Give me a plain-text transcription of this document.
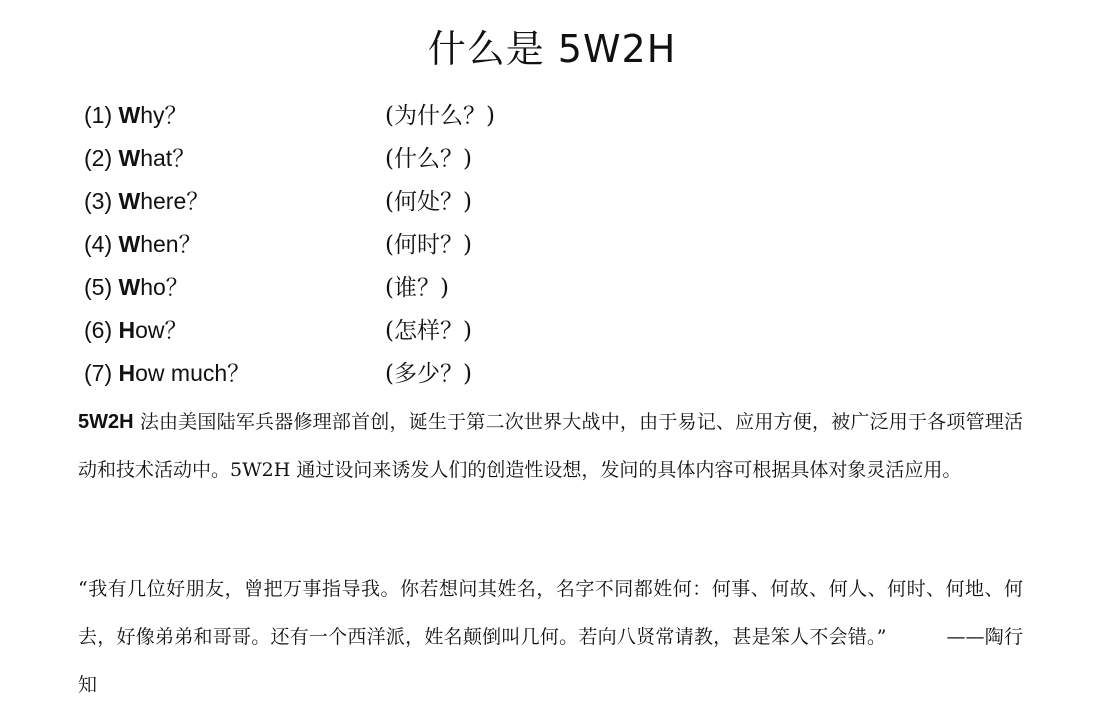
什么是 5W2H
(1) Why？	(为什么？)
(2) What？	(什么？)
(3) Where？	(何处？)
(4) When？	(何时？)
(5) Who？	(谁？)
(6) How？	(怎样？)
(7) How much？	(多少？)

5W2H 法由美国陆军兵器修理部首创，诞生于第二次世界大战中，由于易记、应用方便，被广泛用于各项管理活动和技术活动中。5W2H 通过设问来诱发人们的创造性设想，发问的具体内容可根据具体对象灵活应用。

“我有几位好朋友，曾把万事指导我。你若想问其姓名，名字不同都姓何：何事、何故、何人、何时、何地、何去，好像弟弟和哥哥。还有一个西洋派，姓名颠倒叫几何。若向八贤常请教，甚是笨人不会错。”	——陶行知
